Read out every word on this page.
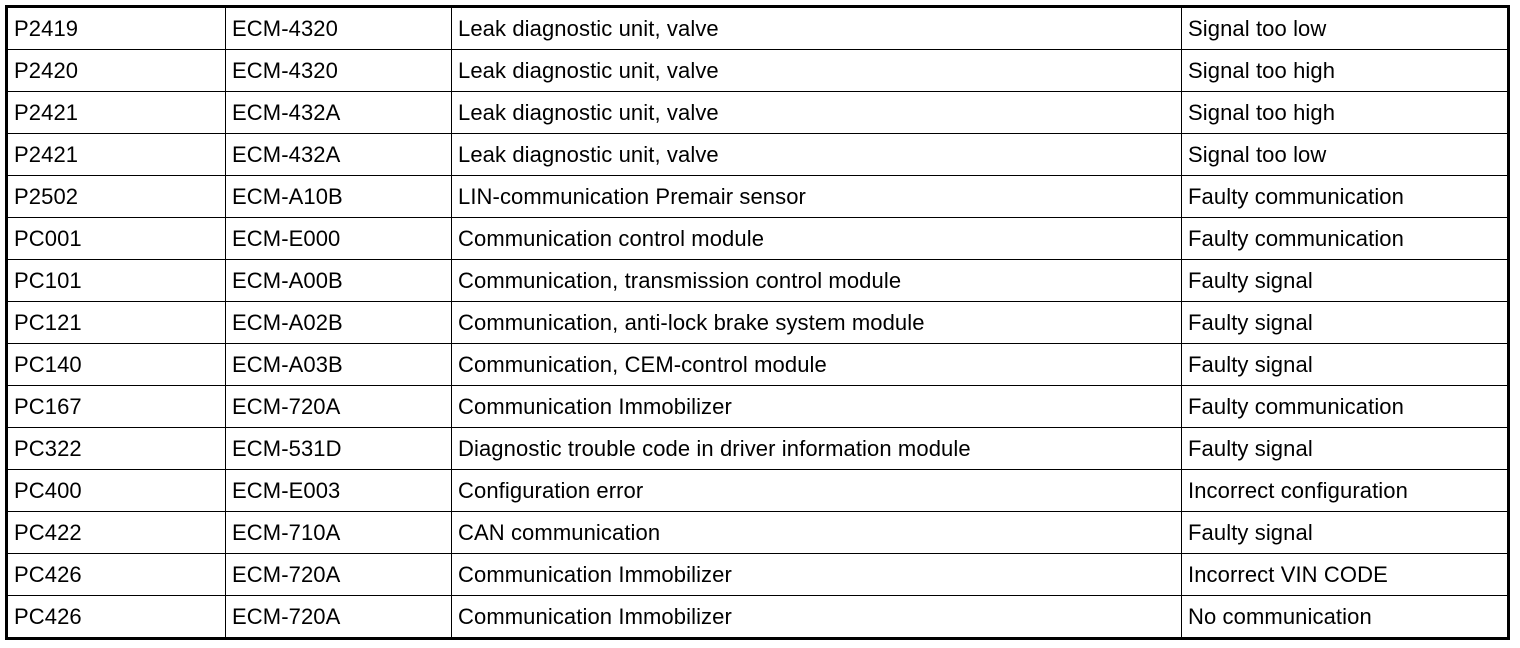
P2419	ECM-4320	Leak diagnostic unit, valve	Signal too low
P2420	ECM-4320	Leak diagnostic unit, valve	Signal too high
P2421	ECM-432A	Leak diagnostic unit, valve	Signal too high
P2421	ECM-432A	Leak diagnostic unit, valve	Signal too low
P2502	ECM-A10B	LIN-communication Premair sensor	Faulty communication
PC001	ECM-E000	Communication control module	Faulty communication
PC101	ECM-A00B	Communication, transmission control module	Faulty signal
PC121	ECM-A02B	Communication, anti-lock brake system module	Faulty signal
PC140	ECM-A03B	Communication, CEM-control module	Faulty signal
PC167	ECM-720A	Communication Immobilizer	Faulty communication
PC322	ECM-531D	Diagnostic trouble code in driver information module	Faulty signal
PC400	ECM-E003	Configuration error	Incorrect configuration
PC422	ECM-710A	CAN communication	Faulty signal
PC426	ECM-720A	Communication Immobilizer	Incorrect VIN CODE
PC426	ECM-720A	Communication Immobilizer	No communication
